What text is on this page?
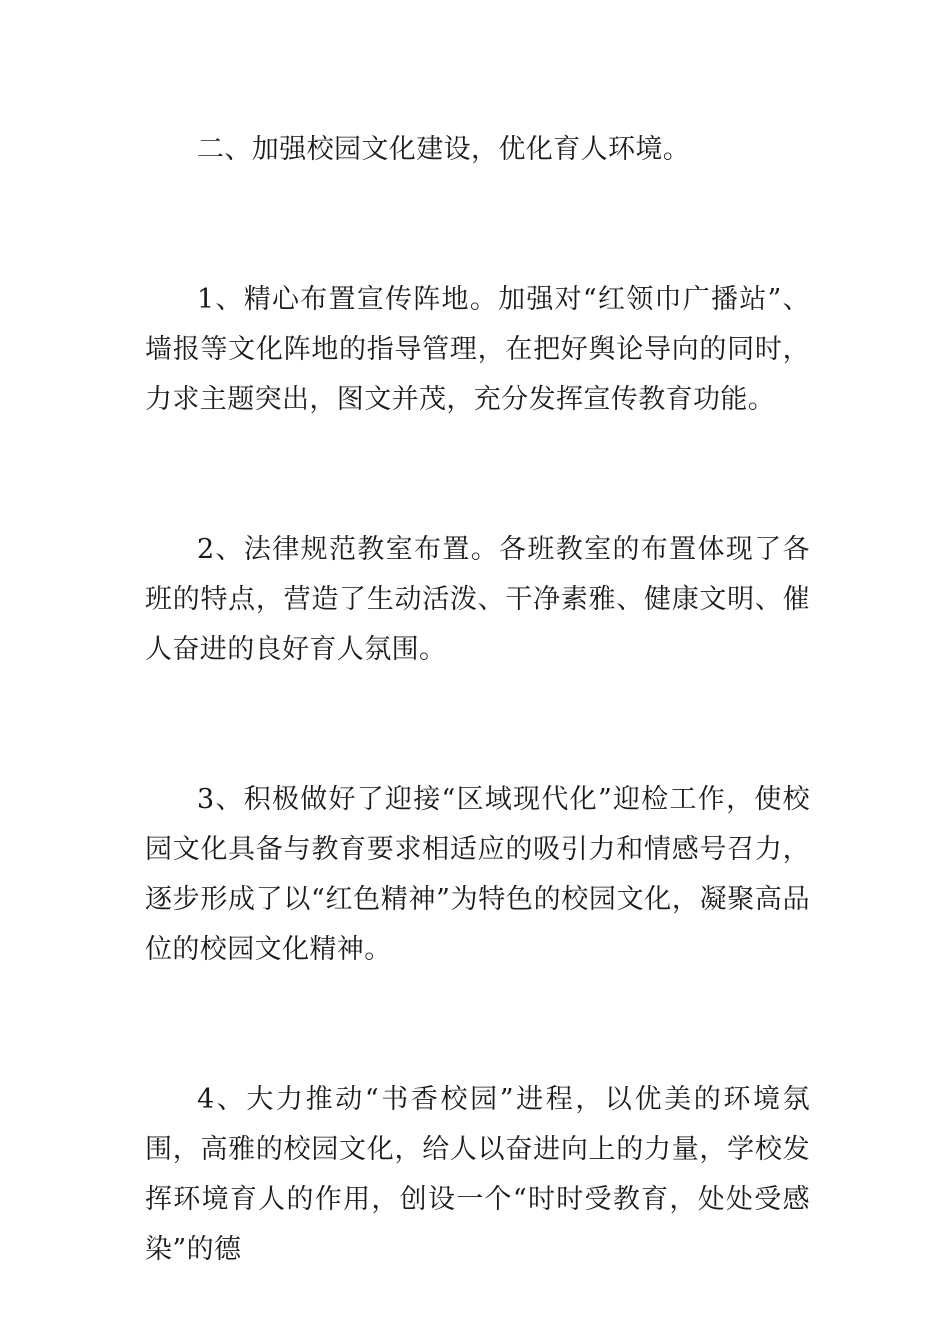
二、加强校园文化建设，优化育人环境。

1、精心布置宣传阵地。加强对“红领巾广播站”、墙报等文化阵地的指导管理，在把好舆论导向的同时，力求主题突出，图文并茂，充分发挥宣传教育功能。

2、法律规范教室布置。各班教室的布置体现了各班的特点，营造了生动活泼、干净素雅、健康文明、催人奋进的良好育人氛围。

3、积极做好了迎接“区域现代化”迎检工作，使校园文化具备与教育要求相适应的吸引力和情感号召力，逐步形成了以“红色精神”为特色的校园文化，凝聚高品位的校园文化精神。

4、大力推动“书香校园”进程，以优美的环境氛围，高雅的校园文化，给人以奋进向上的力量，学校发挥环境育人的作用，创设一个“时时受教育，处处受感染”的德
